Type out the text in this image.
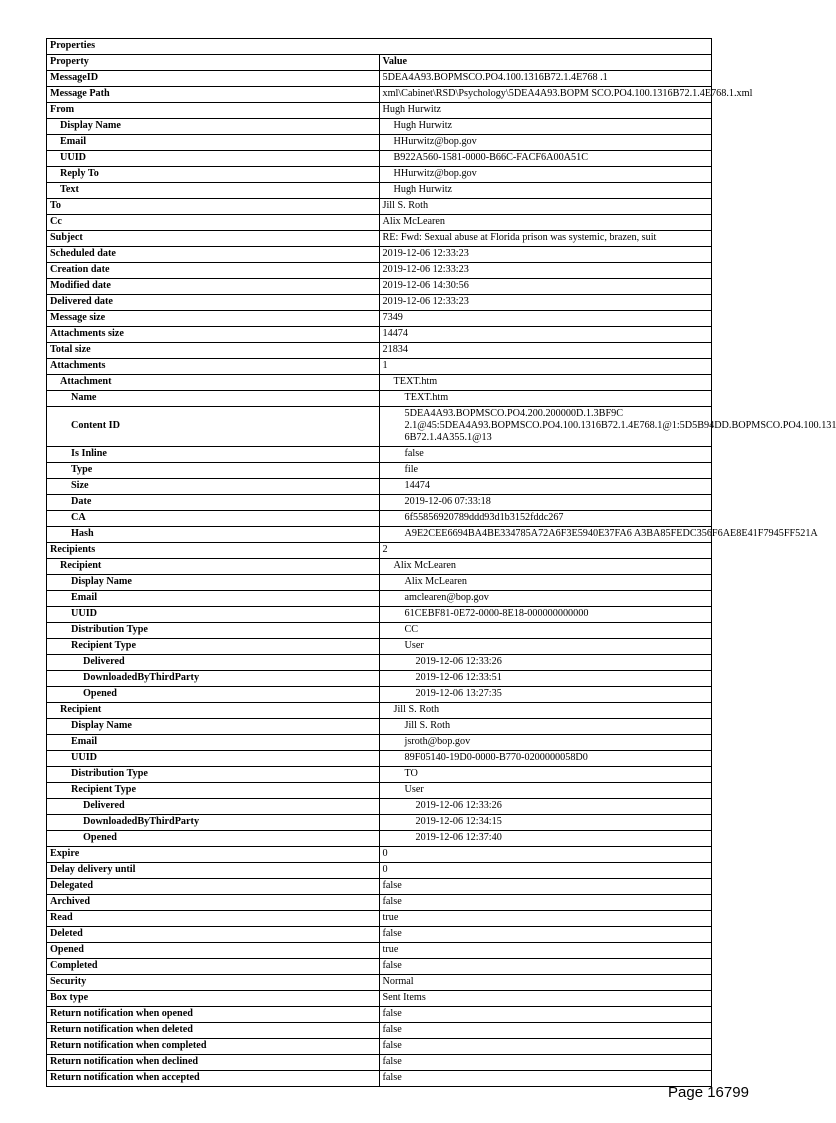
Properties	
Property	Value
MessageID	5DEA4A93.BOPMSCO.PO4.100.1316B72.1.4E768 .1
Message Path	xml\Cabinet\RSD\Psychology\5DEA4A93.BOPM SCO.PO4.100.1316B72.1.4E768.1.xml
From	Hugh Hurwitz
Display Name	Hugh Hurwitz
Email	HHurwitz@bop.gov
UUID	B922A560-1581-0000-B66C-FACF6A00A51C
Reply To	HHurwitz@bop.gov
Text	Hugh Hurwitz
To	Jill S. Roth
Cc	Alix McLearen
Subject	RE: Fwd: Sexual abuse at Florida prison was systemic, brazen, suit
Scheduled date	2019-12-06 12:33:23
Creation date	2019-12-06 12:33:23
Modified date	2019-12-06 14:30:56
Delivered date	2019-12-06 12:33:23
Message size	7349
Attachments size	14474
Total size	21834
Attachments	1
Attachment	TEXT.htm
Name	TEXT.htm
Content ID	5DEA4A93.BOPMSCO.PO4.200.200000D.1.3BF9C 2.1@45:5DEA4A93.BOPMSCO.PO4.100.1316B72.1.4E768.1@1:5D5B94DD.BOPMSCO.PO4.100.131 6B72.1.4A355.1@13
Is Inline	false
Type	file
Size	14474
Date	2019-12-06 07:33:18
CA	6f55856920789ddd93d1b3152fddc267
Hash	A9E2CEE6694BA4BE334785A72A6F3E5940E37FA6 A3BA85FEDC356F6AE8E41F7945FF521A
Recipients	2
Recipient	Alix McLearen
Display Name	Alix McLearen
Email	amclearen@bop.gov
UUID	61CEBF81-0E72-0000-8E18-000000000000
Distribution Type	CC
Recipient Type	User
Delivered	2019-12-06 12:33:26
DownloadedByThirdParty	2019-12-06 12:33:51
Opened	2019-12-06 13:27:35
Recipient	Jill S. Roth
Display Name	Jill S. Roth
Email	jsroth@bop.gov
UUID	89F05140-19D0-0000-B770-0200000058D0
Distribution Type	TO
Recipient Type	User
Delivered	2019-12-06 12:33:26
DownloadedByThirdParty	2019-12-06 12:34:15
Opened	2019-12-06 12:37:40
Expire	0
Delay delivery until	0
Delegated	false
Archived	false
Read	true
Deleted	false
Opened	true
Completed	false
Security	Normal
Box type	Sent Items
Return notification when opened	false
Return notification when deleted	false
Return notification when completed	false
Return notification when declined	false
Return notification when accepted	false
Page 16799
